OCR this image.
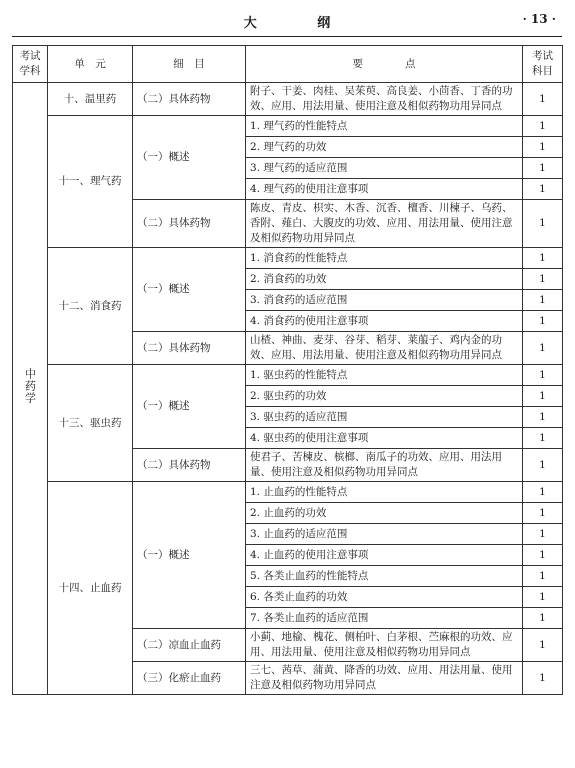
大 纲	· 13 ·
考试学科	单　元	细　目	要　　　　点	考试科目
中药学	十、温里药	（二）具体药物	附子、干姜、肉桂、吴茱萸、高良姜、小茴香、丁香的功效、应用、用法用量、使用注意及相似药物功用异同点	1
	十一、理气药	（一）概述	1. 理气药的性能特点	1
			2. 理气药的功效	1
			3. 理气药的适应范围	1
			4. 理气药的使用注意事项	1
		（二）具体药物	陈皮、青皮、枳实、木香、沉香、檀香、川楝子、乌药、香附、薤白、大腹皮的功效、应用、用法用量、使用注意及相似药物功用异同点	1
	十二、消食药	（一）概述	1. 消食药的性能特点	1
			2. 消食药的功效	1
			3. 消食药的适应范围	1
			4. 消食药的使用注意事项	1
		（二）具体药物	山楂、神曲、麦芽、谷芽、稻芽、莱菔子、鸡内金的功效、应用、用法用量、使用注意及相似药物功用异同点	1
	十三、驱虫药	（一）概述	1. 驱虫药的性能特点	1
			2. 驱虫药的功效	1
			3. 驱虫药的适应范围	1
			4. 驱虫药的使用注意事项	1
		（二）具体药物	使君子、苦楝皮、槟榔、南瓜子的功效、应用、用法用量、使用注意及相似药物功用异同点	1
	十四、止血药	（一）概述	1. 止血药的性能特点	1
			2. 止血药的功效	1
			3. 止血药的适应范围	1
			4. 止血药的使用注意事项	1
			5. 各类止血药的性能特点	1
			6. 各类止血药的功效	1
			7. 各类止血药的适应范围	1
		（二）凉血止血药	小蓟、地榆、槐花、侧柏叶、白茅根、苎麻根的功效、应用、用法用量、使用注意及相似药物功用异同点	1
		（三）化瘀止血药	三七、茜草、蒲黄、降香的功效、应用、用法用量、使用注意及相似药物功用异同点	1
